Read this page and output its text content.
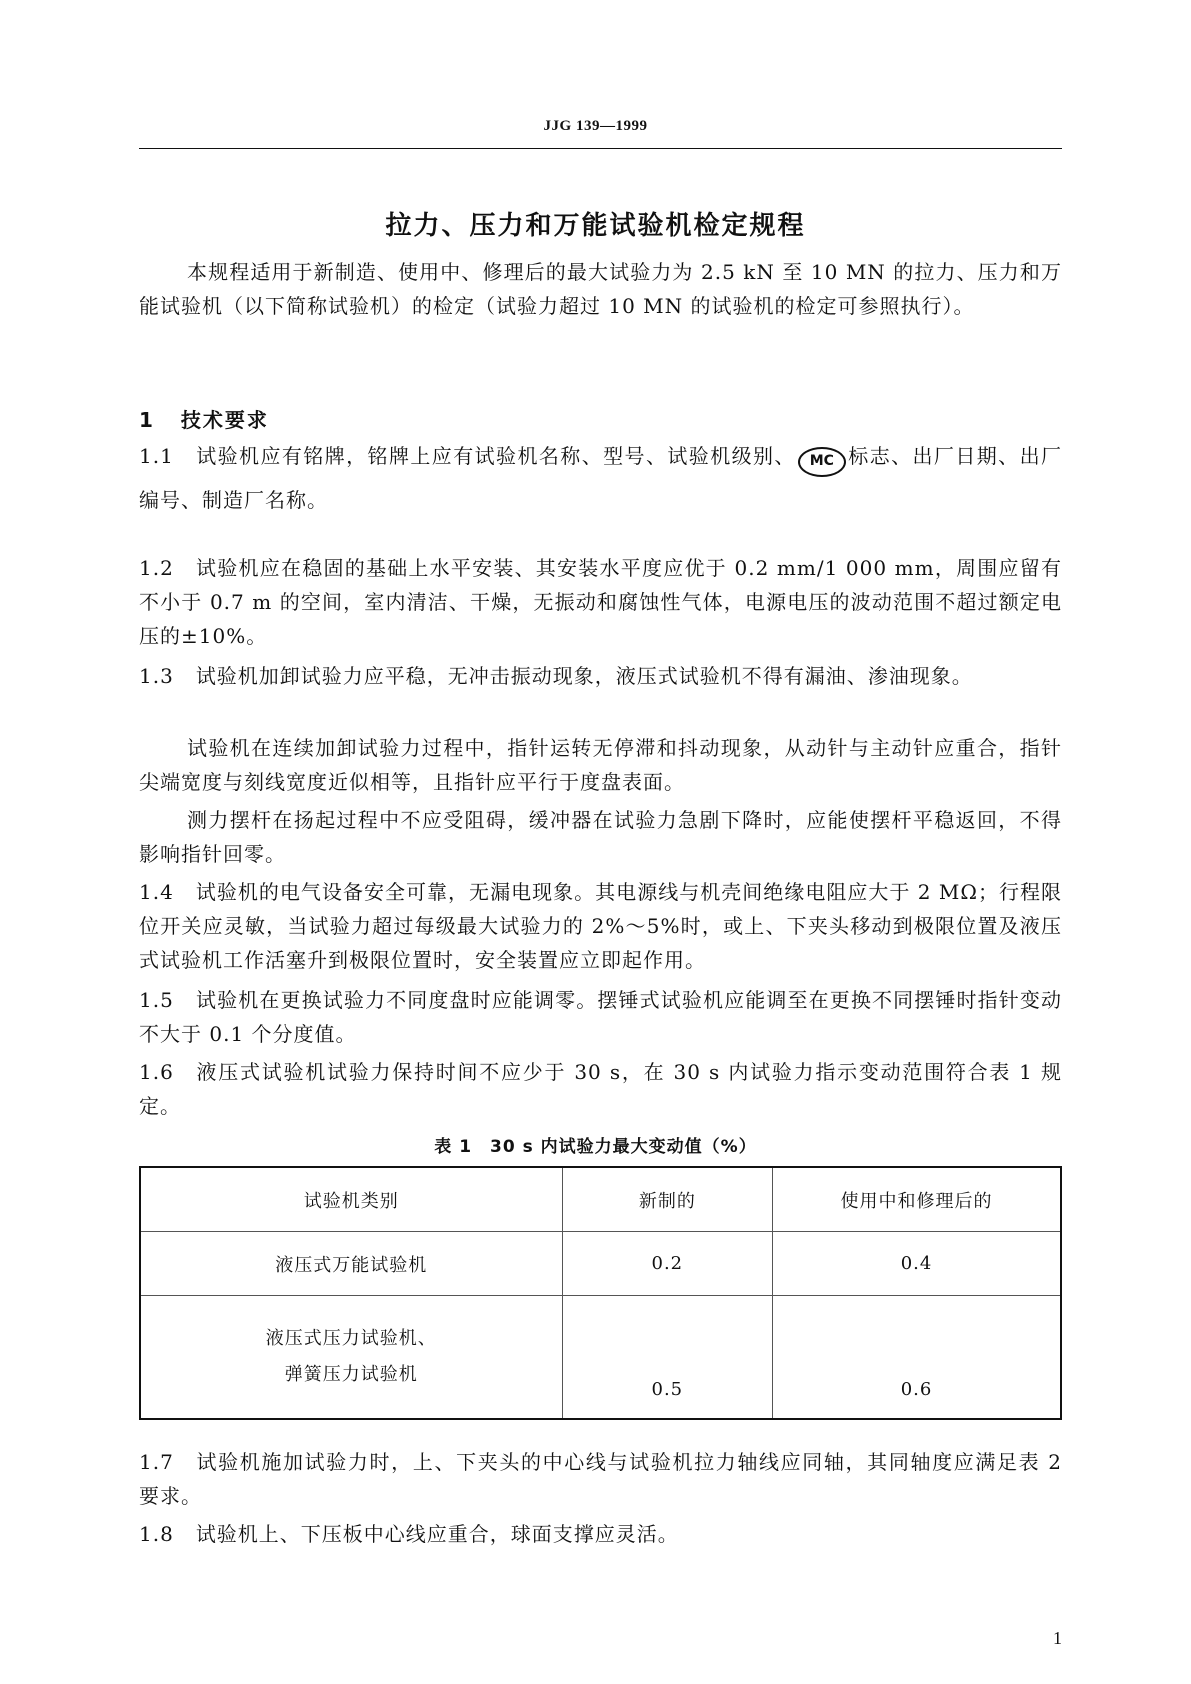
JJG 139—1999
拉力、压力和万能试验机检定规程

本规程适用于新制造、使用中、修理后的最大试验力为 2.5 kN 至 10 MN 的拉力、压力和万能试验机（以下简称试验机）的检定（试验力超过 10 MN 的试验机的检定可参照执行）。

1 技术要求

1.1 试验机应有铭牌，铭牌上应有试验机名称、型号、试验机级别、 MC 标志、出厂日期、出厂编号、制造厂名称。

1.2 试验机应在稳固的基础上水平安装、其安装水平度应优于 0.2 mm/1 000 mm，周围应留有不小于 0.7 m 的空间，室内清洁、干燥，无振动和腐蚀性气体，电源电压的波动范围不超过额定电压的±10%。

1.3 试验机加卸试验力应平稳，无冲击振动现象，液压式试验机不得有漏油、渗油现象。

试验机在连续加卸试验力过程中，指针运转无停滞和抖动现象，从动针与主动针应重合，指针尖端宽度与刻线宽度近似相等，且指针应平行于度盘表面。

测力摆杆在扬起过程中不应受阻碍，缓冲器在试验力急剧下降时，应能使摆杆平稳返回，不得影响指针回零。

1.4 试验机的电气设备安全可靠，无漏电现象。其电源线与机壳间绝缘电阻应大于 2 MΩ；行程限位开关应灵敏，当试验力超过每级最大试验力的 2%～5%时，或上、下夹头移动到极限位置及液压式试验机工作活塞升到极限位置时，安全装置应立即起作用。

1.5 试验机在更换试验力不同度盘时应能调零。摆锤式试验机应能调至在更换不同摆锤时指针变动不大于 0.1 个分度值。

1.6 液压式试验机试验力保持时间不应少于 30 s，在 30 s 内试验力指示变动范围符合表 1 规定。

表 1　30 s 内试验力最大变动值（%）
试验机类别	新制的	使用中和修理后的
液压式万能试验机	0.2	0.4

液压式压力试验机、
弹簧压力试验机	0.5	0.6

1.7 试验机施加试验力时，上、下夹头的中心线与试验机拉力轴线应同轴，其同轴度应满足表 2 要求。

1.8 试验机上、下压板中心线应重合，球面支撑应灵活。

1
